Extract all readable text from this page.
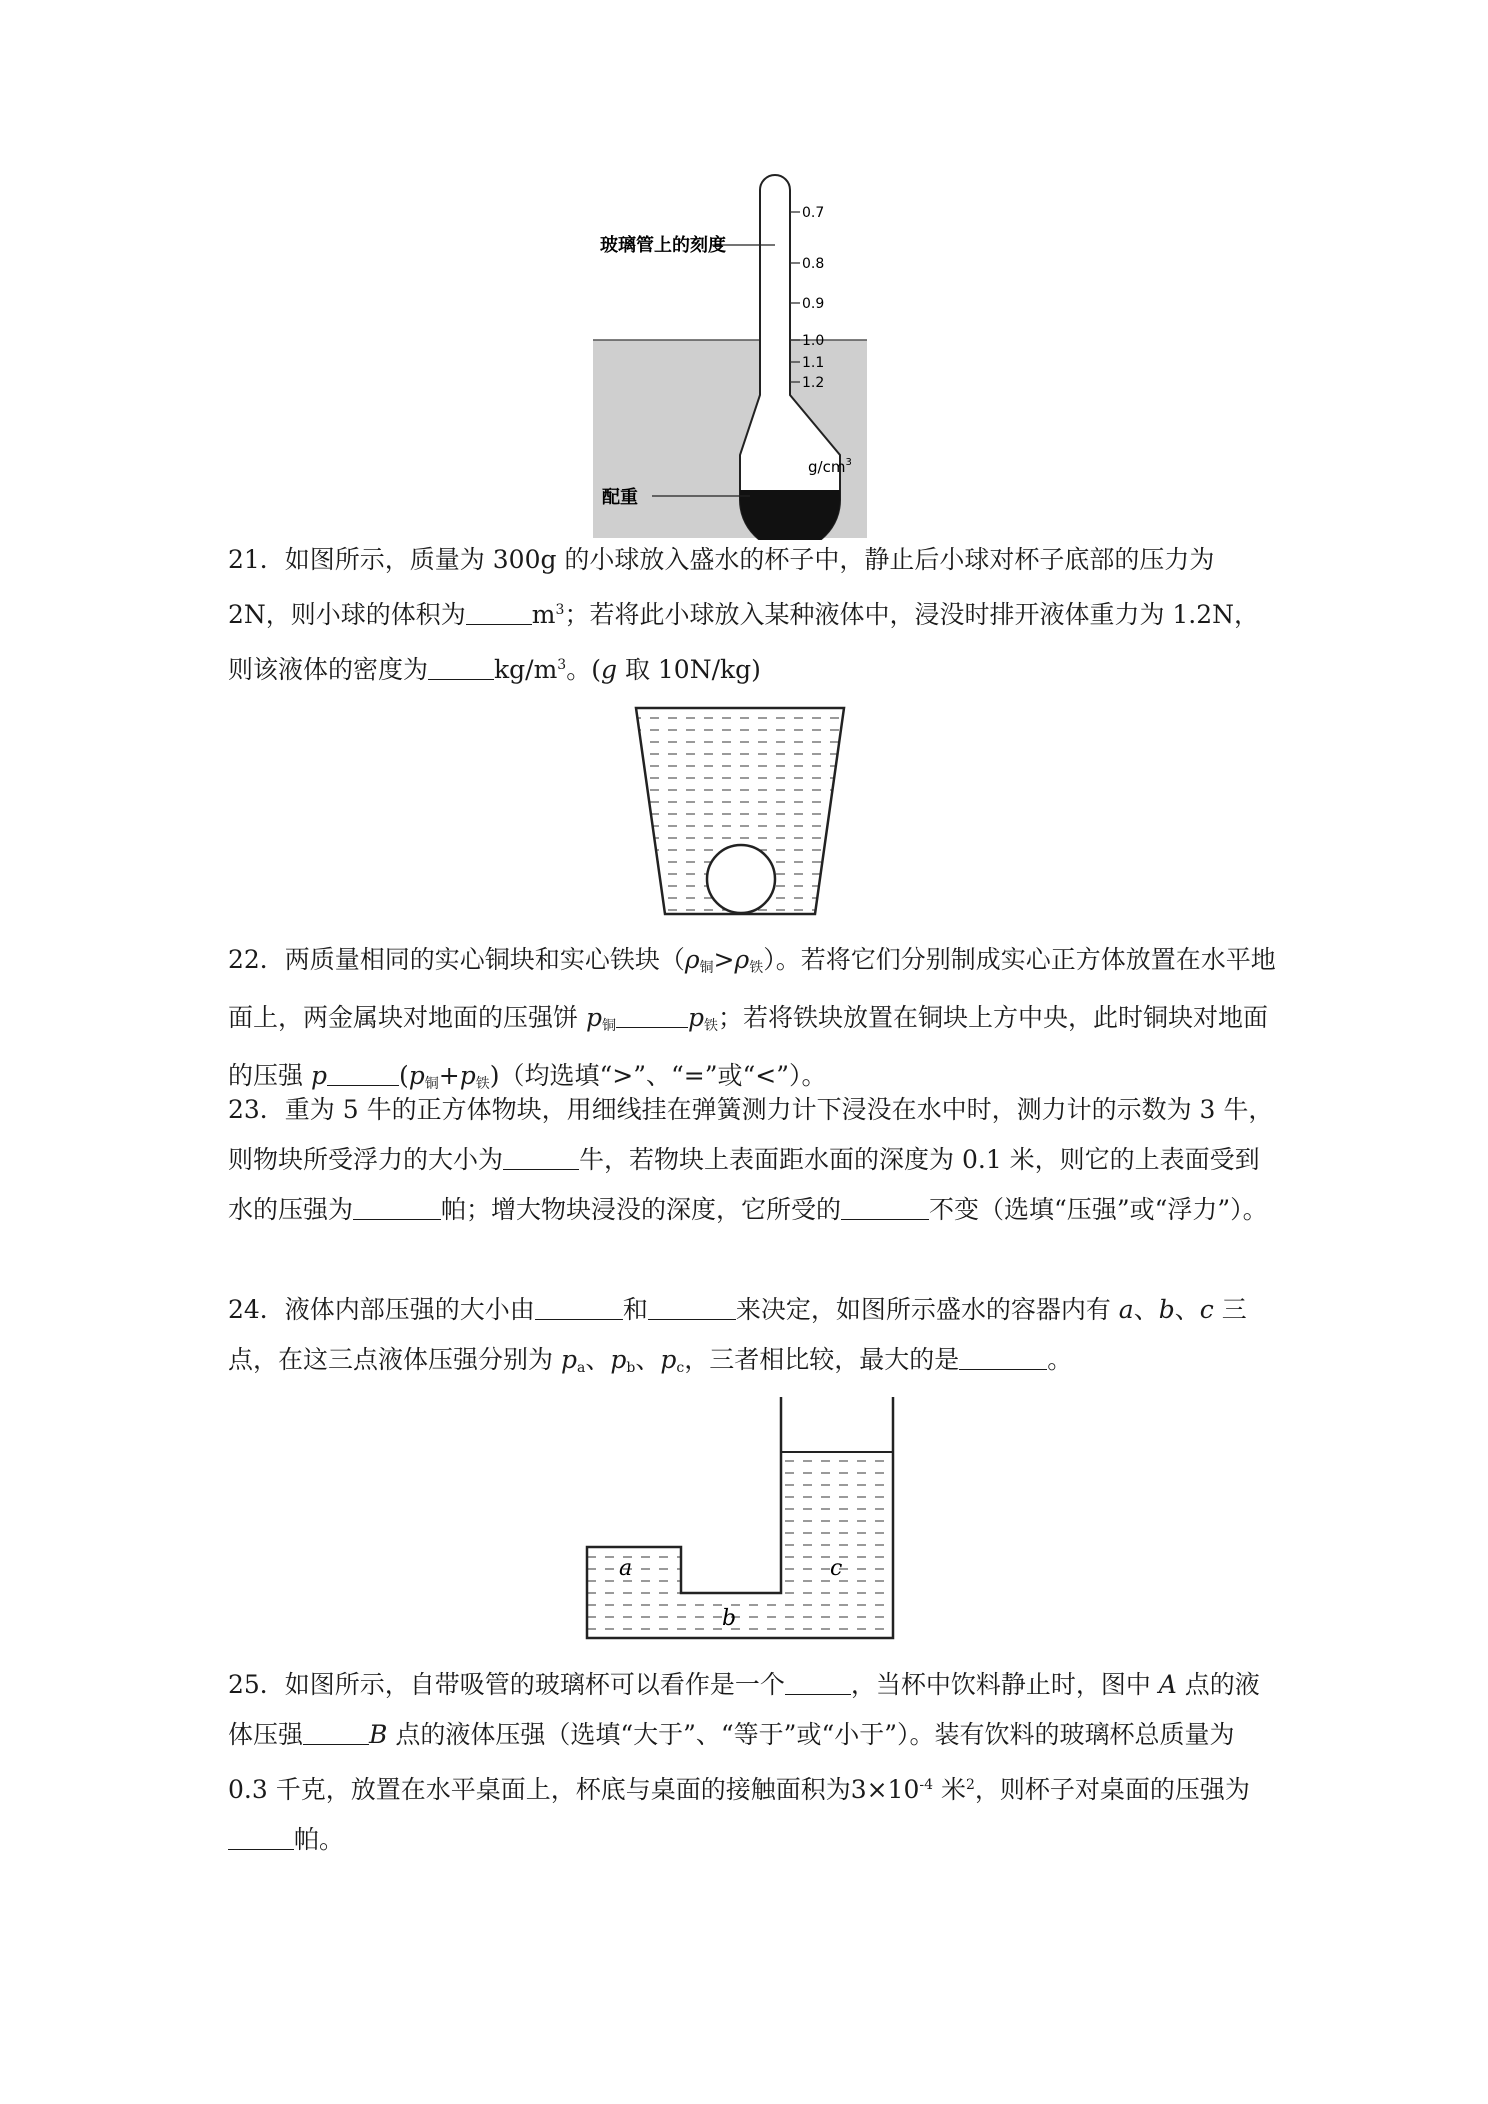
0.7
0.8
0.9
1.0
1.1
1.2
玻璃管上的刻度
配重
$g/cm^3$
21．如图所示，质量为 300g 的小球放入盛水的杯子中，静止后小球对杯子底部的压力为 2N，则小球的体积为	$m^3$；若将此小球放入某种液体中，浸没时排开液体重力为 1.2N，则该液体的密度为	$kg/m^3$。(g 取 10N/kg)
22．两质量相同的实心铜块和实心铁块$(\rho_铜>\rho_铁)$。若将它们分别制成实心正方体放置在水平地面上，两金属块对地面的压强饼 $p_铜$	$p_铁$；若将铁块放置在铜块上方中央，此时铜块对地面的压强 p	$(p_铜+p_铁)$（均选填“>”、“=”或“<”）。
23．重为 5 牛的正方体物块，用细线挂在弹簧测力计下浸没在水中时，测力计的示数为 3 牛，则物块所受浮力的大小为	牛，若物块上表面距水面的深度为 0.1 米，则它的上表面受到水的压强为	帕；增大物块浸没的深度，它所受的	不变（选填“压强”或“浮力”）。
24．液体内部压强的大小由	和	来决定，如图所示盛水的容器内有 a、b、c 三点，在这三点液体压强分别为 $p_a$、$p_b$、$p_c$，三者相比较，最大的是	。
a
b
c
25．如图所示，自带吸管的玻璃杯可以看作是一个	，当杯中饮料静止时，图中 A 点的液体压强	B 点的液体压强（选填“大于”、“等于”或“小于”）。装有饮料的玻璃杯总质量为 0.3 千克，放置在水平桌面上，杯底与桌面的接触面积为$3\times 10^{-4}$ 米$^2$，则杯子对桌面的压强为帕。
